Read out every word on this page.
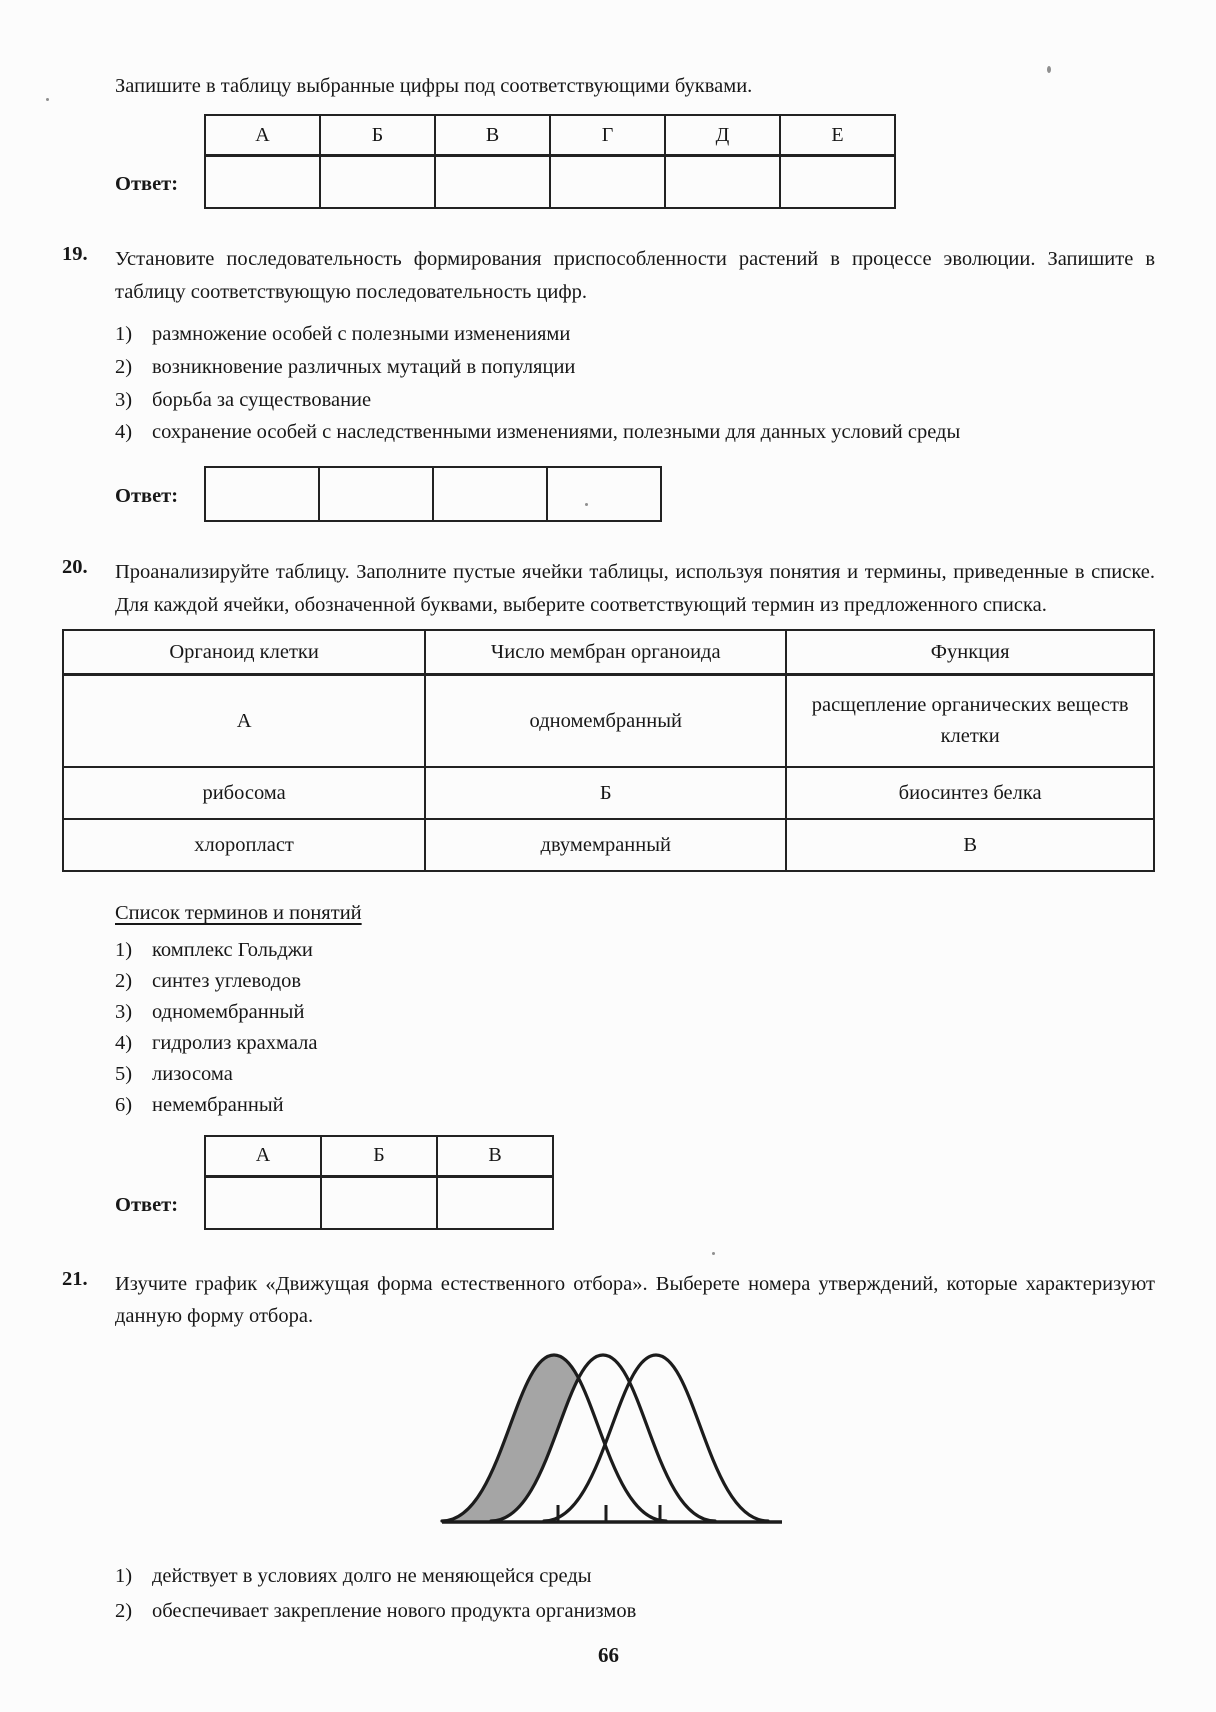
Запишите в таблицу выбранные цифры под соответствующими буквами.
Ответ:
А	Б	В	Г	Д	Е

19.	Установите последовательность формирования приспособленности растений в процессе эволюции. Запишите в таблицу соответствующую последовательность цифр.
1) размножение особей с полезными изменениями
2) возникновение различных мутаций в популяции
3) борьба за существование
4) сохранение особей с наследственными изменениями, полезными для данных условий среды
Ответ:

20.	Проанализируйте таблицу. Заполните пустые ячейки таблицы, используя понятия и термины, приведенные в списке. Для каждой ячейки, обозначенной буквами, выберите соответствующий термин из предложенного списка.
Органоид клетки	Число мембран органоида	Функция
А	одномембранный	расщепление органических веществ клетки
рибосома	Б	биосинтез белка
хлоропласт	двумемранный	В
Список терминов и понятий
1) комплекс Гольджи
2) синтез углеводов
3) одномембранный
4) гидролиз крахмала
5) лизосома
6) немембранный
Ответ:
А	Б	В

21.	Изучите график «Движущая форма естественного отбора». Выберете номера утверждений, которые характеризуют данную форму отбора.
1) действует в условиях долго не меняющейся среды
2) обеспечивает закрепление нового продукта организмов
66
